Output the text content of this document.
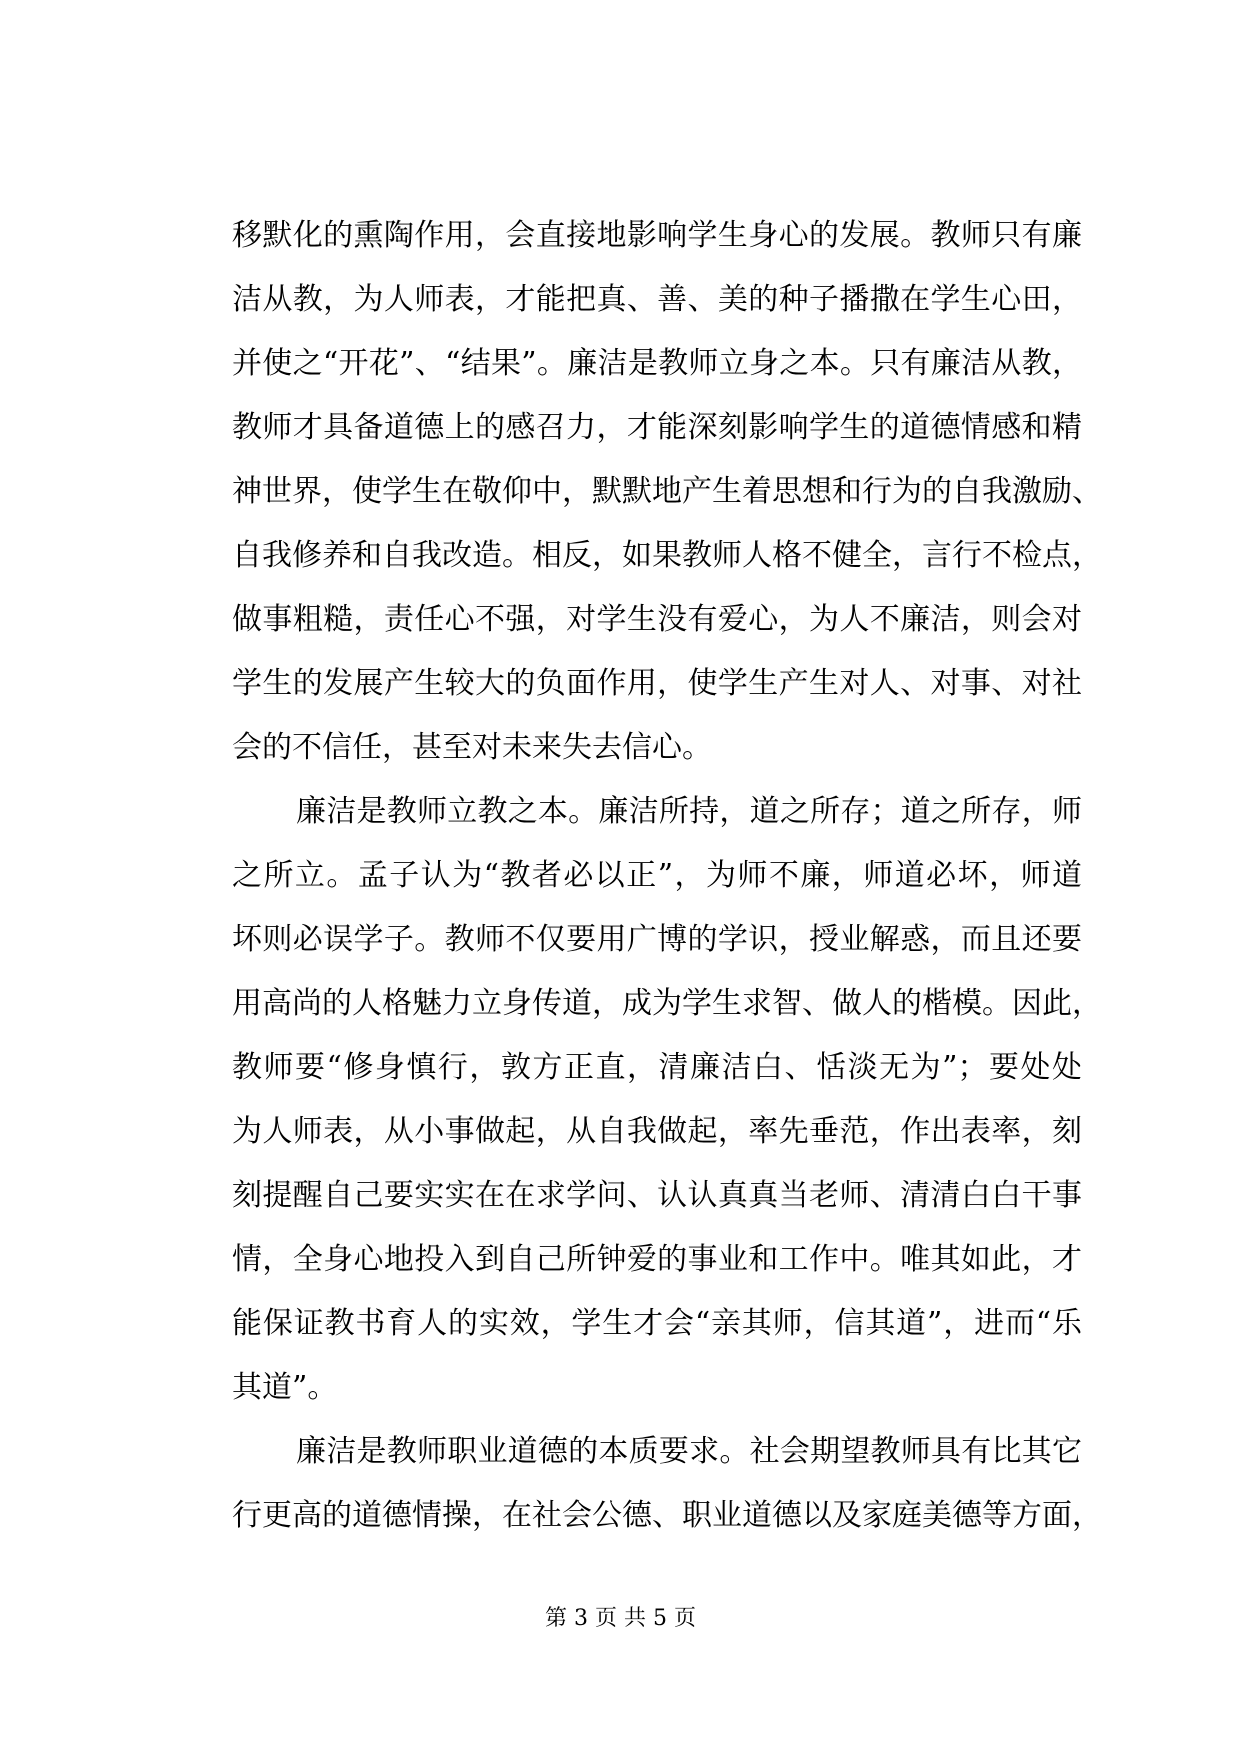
移默化的熏陶作用，会直接地影响学生身心的发展。教师只有廉
洁从教，为人师表，才能把真、善、美的种子播撒在学生心田，
并使之“开花”、“结果”。廉洁是教师立身之本。只有廉洁从教，
教师才具备道德上的感召力，才能深刻影响学生的道德情感和精
神世界，使学生在敬仰中，默默地产生着思想和行为的自我激励、
自我修养和自我改造。相反，如果教师人格不健全，言行不检点，
做事粗糙，责任心不强，对学生没有爱心，为人不廉洁，则会对
学生的发展产生较大的负面作用，使学生产生对人、对事、对社
会的不信任，甚至对未来失去信心。
廉洁是教师立教之本。廉洁所持，道之所存；道之所存，师
之所立。孟子认为“教者必以正”，为师不廉，师道必坏，师道
坏则必误学子。教师不仅要用广博的学识，授业解惑，而且还要
用高尚的人格魅力立身传道，成为学生求智、做人的楷模。因此，
教师要“修身慎行，敦方正直，清廉洁白、恬淡无为”；要处处
为人师表，从小事做起，从自我做起，率先垂范，作出表率，刻
刻提醒自己要实实在在求学问、认认真真当老师、清清白白干事
情，全身心地投入到自己所钟爱的事业和工作中。唯其如此，才
能保证教书育人的实效，学生才会“亲其师，信其道”，进而“乐
其道”。
廉洁是教师职业道德的本质要求。社会期望教师具有比其它
行更高的道德情操，在社会公德、职业道德以及家庭美德等方面，
第 3 页 共 5 页
